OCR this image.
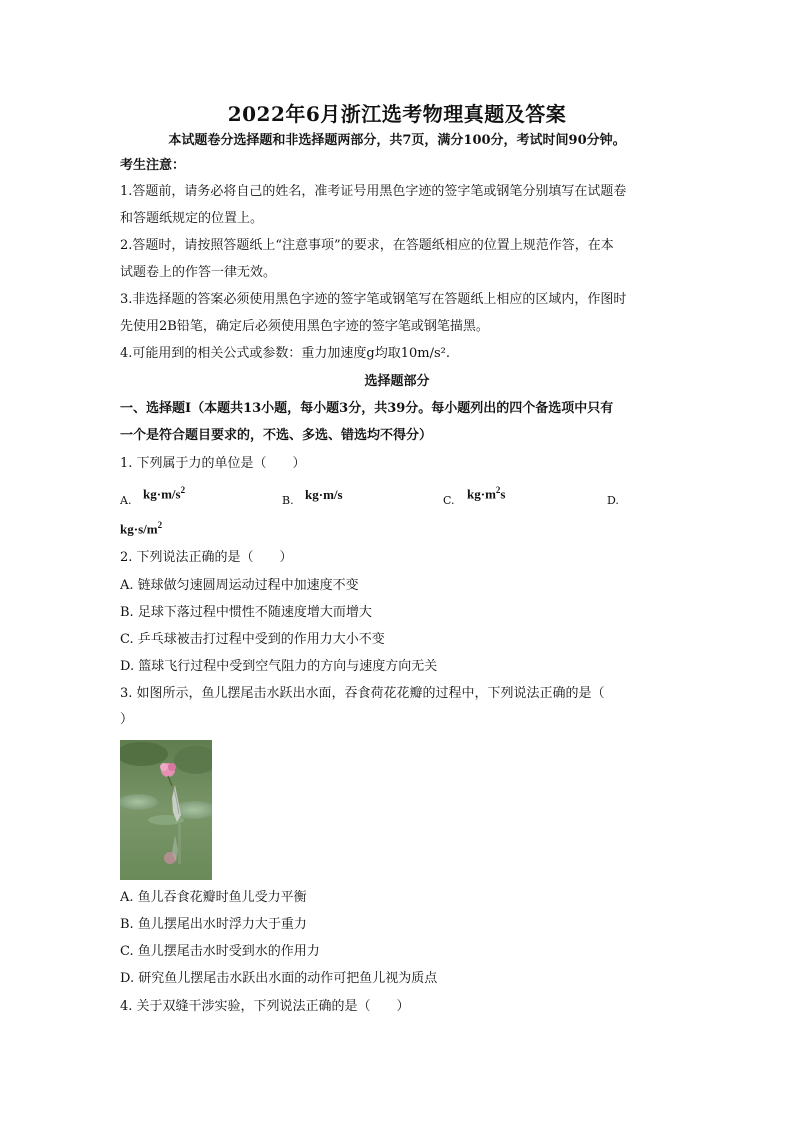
2022年6月浙江选考物理真题及答案
本试题卷分选择题和非选择题两部分，共7页，满分100分，考试时间90分钟。
考生注意：
1.答题前，请务必将自己的姓名，准考证号用黑色字迹的签字笔或钢笔分别填写在试题卷
和答题纸规定的位置上。
2.答题时，请按照答题纸上“注意事项”的要求，在答题纸相应的位置上规范作答，在本
试题卷上的作答一律无效。
3.非选择题的答案必须使用黑色字迹的签字笔或钢笔写在答题纸上相应的区域内，作图时
先使用2B铅笔，确定后必须使用黑色字迹的签字笔或钢笔描黑。
4.可能用到的相关公式或参数：重力加速度g均取10m/s².
选择题部分
一、选择题Ⅰ（本题共13小题，每小题3分，共39分。每小题列出的四个备选项中只有
一个是符合题目要求的，不选、多选、错选均不得分）
1. 下列属于力的单位是（　　）
A. $kg\cdot m/s^2$
B. kg·m/s	C. $kg\cdot m^2s$	D.
$kg\cdot s/m^2$
2. 下列说法正确的是（　　）
A. 链球做匀速圆周运动过程中加速度不变
B. 足球下落过程中惯性不随速度增大而增大
C. 乒乓球被击打过程中受到的作用力大小不变
D. 篮球飞行过程中受到空气阻力的方向与速度方向无关
3. 如图所示，鱼儿摆尾击水跃出水面，吞食荷花花瓣的过程中，下列说法正确的是（
）
A. 鱼儿吞食花瓣时鱼儿受力平衡
B. 鱼儿摆尾出水时浮力大于重力
C. 鱼儿摆尾击水时受到水的作用力
D. 研究鱼儿摆尾击水跃出水面的动作可把鱼儿视为质点
4. 关于双缝干涉实验，下列说法正确的是（　　）
